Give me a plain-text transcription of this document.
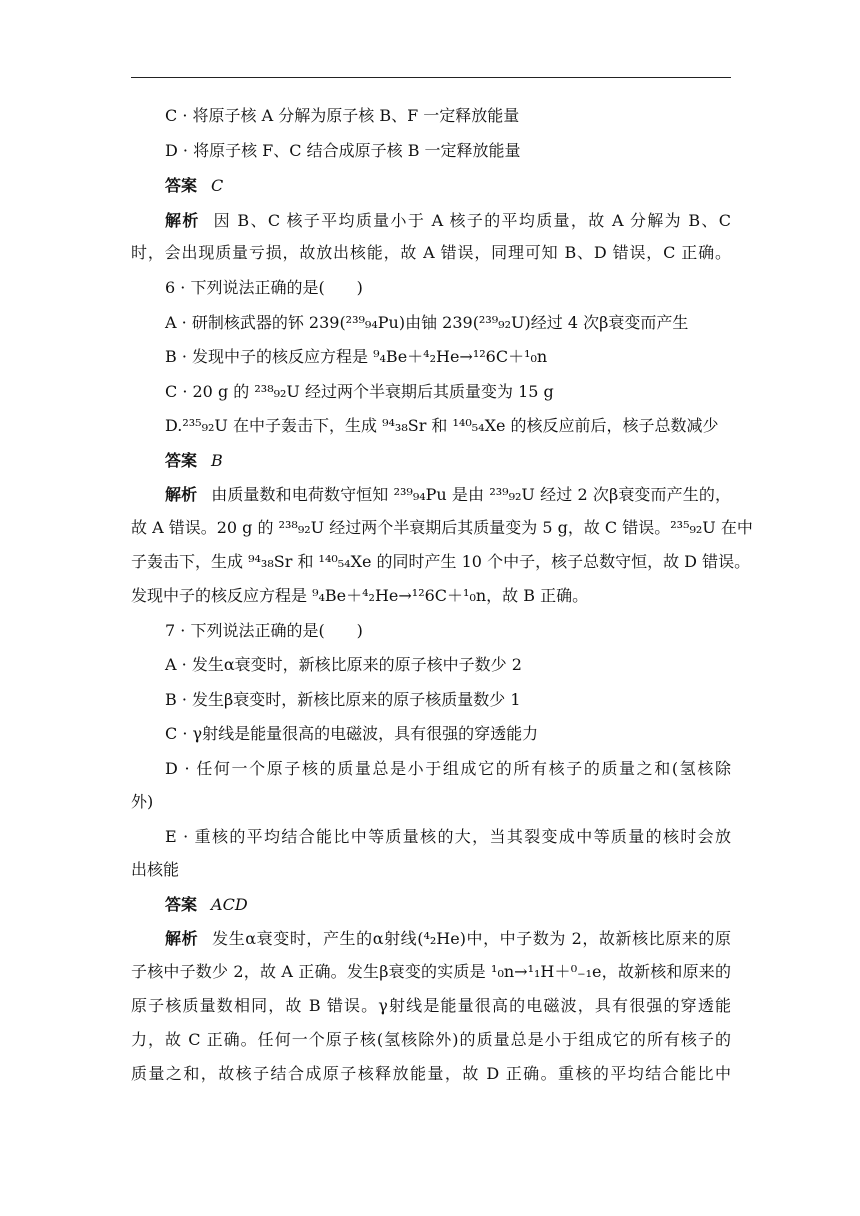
C · 将原子核 A 分解为原子核 B、F 一定释放能量
D · 将原子核 F、C 结合成原子核 B 一定释放能量
答案 C
解析 因 B、C 核子平均质量小于 A 核子的平均质量，故 A 分解为 B、C
时，会出现质量亏损，故放出核能，故 A 错误，同理可知 B、D 错误，C 正确。
6 · 下列说法正确的是(　　)
A · 研制核武器的钚 239(²³⁹₉₄Pu)由铀 239(²³⁹₉₂U)经过 4 次β衰变而产生
B · 发现中子的核反应方程是 ⁹₄Be＋⁴₂He→¹²6C＋¹₀n
C · 20 g 的 ²³⁸₉₂U 经过两个半衰期后其质量变为 15 g
D.²³⁵₉₂U 在中子轰击下，生成 ⁹⁴₃₈Sr 和 ¹⁴⁰₅₄Xe 的核反应前后，核子总数减少
答案 B
解析 由质量数和电荷数守恒知 ²³⁹₉₄Pu 是由 ²³⁹₉₂U 经过 2 次β衰变而产生的，
故 A 错误。20 g 的 ²³⁸₉₂U 经过两个半衰期后其质量变为 5 g，故 C 错误。²³⁵₉₂U 在中
子轰击下，生成 ⁹⁴₃₈Sr 和 ¹⁴⁰₅₄Xe 的同时产生 10 个中子，核子总数守恒，故 D 错误。
发现中子的核反应方程是 ⁹₄Be＋⁴₂He→¹²6C＋¹₀n，故 B 正确。
7 · 下列说法正确的是(　　)
A · 发生α衰变时，新核比原来的原子核中子数少 2
B · 发生β衰变时，新核比原来的原子核质量数少 1
C · γ射线是能量很高的电磁波，具有很强的穿透能力
D · 任何一个原子核的质量总是小于组成它的所有核子的质量之和(氢核除
外)
E · 重核的平均结合能比中等质量核的大，当其裂变成中等质量的核时会放
出核能
答案 ACD
解析 发生α衰变时，产生的α射线(⁴₂He)中，中子数为 2，故新核比原来的原
子核中子数少 2，故 A 正确。发生β衰变的实质是 ¹₀n→¹₁H＋⁰₋₁e，故新核和原来的
原子核质量数相同，故 B 错误。γ射线是能量很高的电磁波，具有很强的穿透能
力，故 C 正确。任何一个原子核(氢核除外)的质量总是小于组成它的所有核子的
质量之和，故核子结合成原子核释放能量，故 D 正确。重核的平均结合能比中
